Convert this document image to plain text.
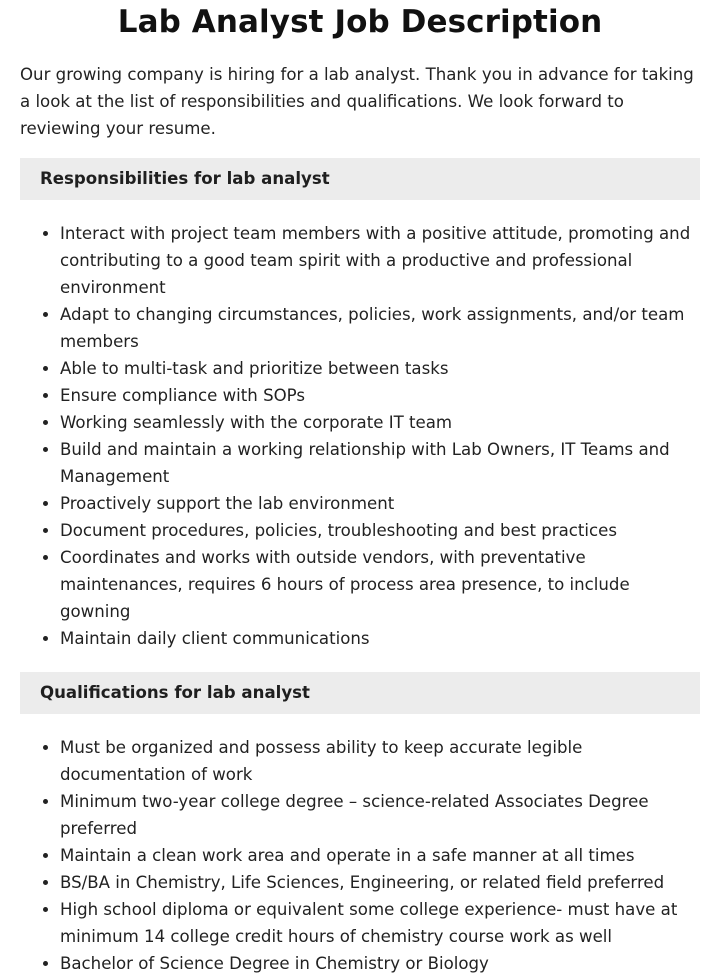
Lab Analyst Job Description

Our growing company is hiring for a lab analyst. Thank you in advance for taking a look at the list of responsibilities and qualifications. We look forward to reviewing your resume.

Responsibilities for lab analyst
• Interact with project team members with a positive attitude, promoting and contributing to a good team spirit with a productive and professional environment
• Adapt to changing circumstances, policies, work assignments, and/or team members
• Able to multi-task and prioritize between tasks
• Ensure compliance with SOPs
• Working seamlessly with the corporate IT team
• Build and maintain a working relationship with Lab Owners, IT Teams and Management
• Proactively support the lab environment
• Document procedures, policies, troubleshooting and best practices
• Coordinates and works with outside vendors, with preventative maintenances, requires 6 hours of process area presence, to include gowning
• Maintain daily client communications
Qualifications for lab analyst
• Must be organized and possess ability to keep accurate legible documentation of work
• Minimum two-year college degree – science-related Associates Degree preferred
• Maintain a clean work area and operate in a safe manner at all times
• BS/BA in Chemistry, Life Sciences, Engineering, or related field preferred
• High school diploma or equivalent some college experience- must have at minimum 14 college credit hours of chemistry course work as well
• Bachelor of Science Degree in Chemistry or Biology
